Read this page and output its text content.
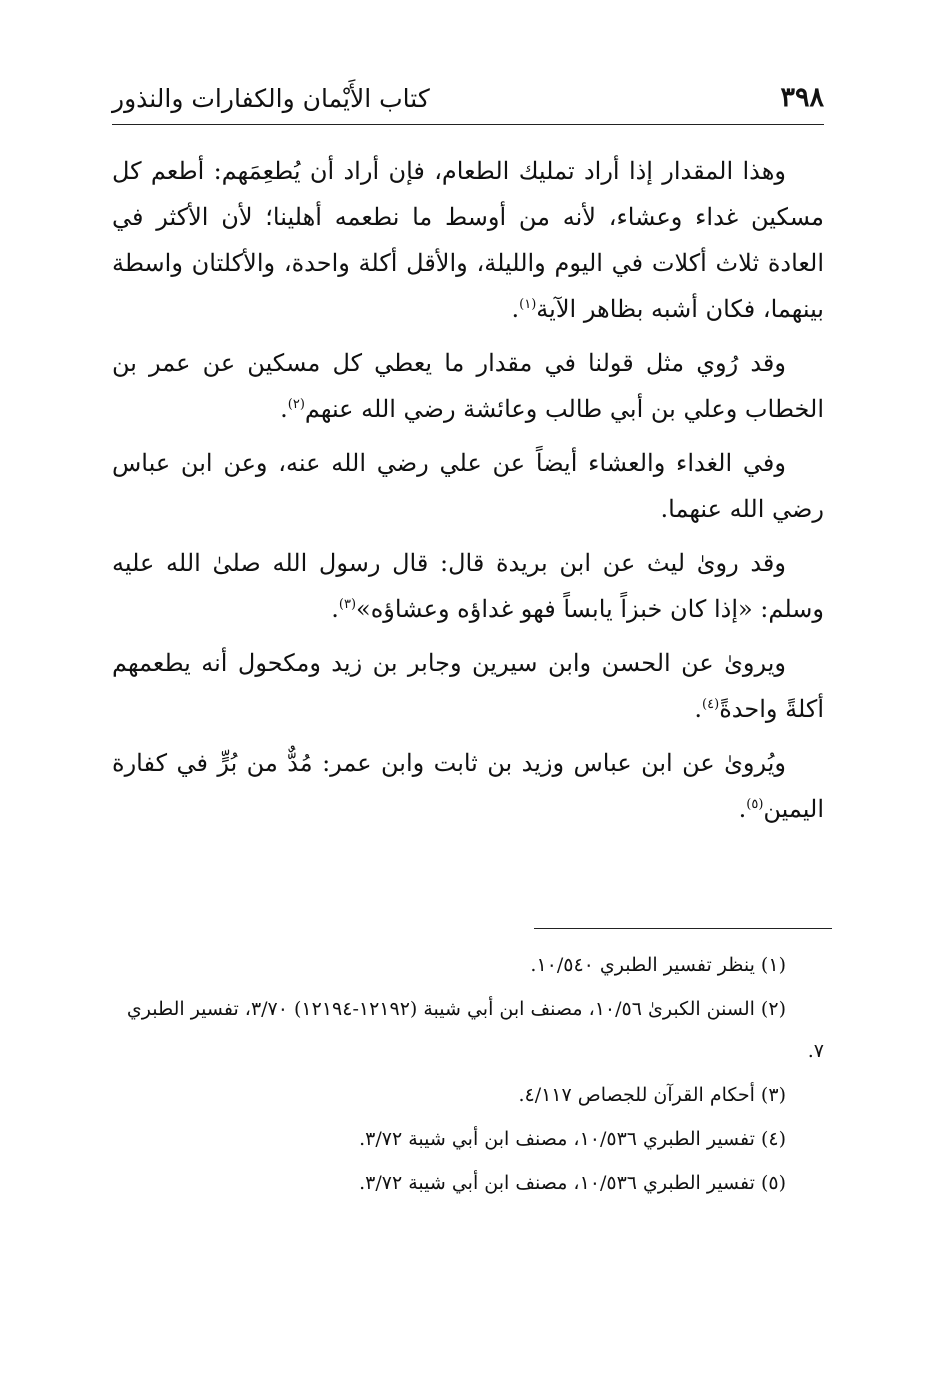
٣٩٨
كتاب الأَيْمان والكفارات والنذور

وهذا المقدار إذا أراد تمليك الطعام، فإن أراد أن يُطعِمَهم: أطعم كل مسكين غداء وعشاء، لأنه من أوسط ما نطعمه أهلينا؛ لأن الأكثر في العادة ثلاث أكلات في اليوم والليلة، والأقل أكلة واحدة، والأكلتان واسطة بينهما، فكان أشبه بظاهر الآية$^{(١)}$.

وقد رُوي مثل قولنا في مقدار ما يعطي كل مسكين عن عمر بن الخطاب وعلي بن أبي طالب وعائشة رضي الله عنهم$^{(٢)}$.

وفي الغداء والعشاء أيضاً عن علي رضي الله عنه، وعن ابن عباس رضي الله عنهما.

وقد روىٰ ليث عن ابن بريدة قال: قال رسول الله صلىٰ الله عليه وسلم: «إذا كان خبزاً يابساً فهو غداؤه وعشاؤه»$^{(٣)}$.

ويروىٰ عن الحسن وابن سيرين وجابر بن زيد ومكحول أنه يطعمهم أكلةً واحدةً$^{(٤)}$.

ويُروىٰ عن ابن عباس وزيد بن ثابت وابن عمر: مُدٌّ من بُرٍّ في كفارة اليمين$^{(٥)}$.

(١) ينظر تفسير الطبري ١٠/٥٤٠.

(٢) السنن الكبرىٰ ١٠/٥٦، مصنف ابن أبي شيبة (١٢١٩٢-١٢١٩٤) ٣/٧٠، تفسير الطبري ٧.

(٣) أحكام القرآن للجصاص ٤/١١٧.

(٤) تفسير الطبري ١٠/٥٣٦، مصنف ابن أبي شيبة ٣/٧٢.

(٥) تفسير الطبري ١٠/٥٣٦، مصنف ابن أبي شيبة ٣/٧٢.
